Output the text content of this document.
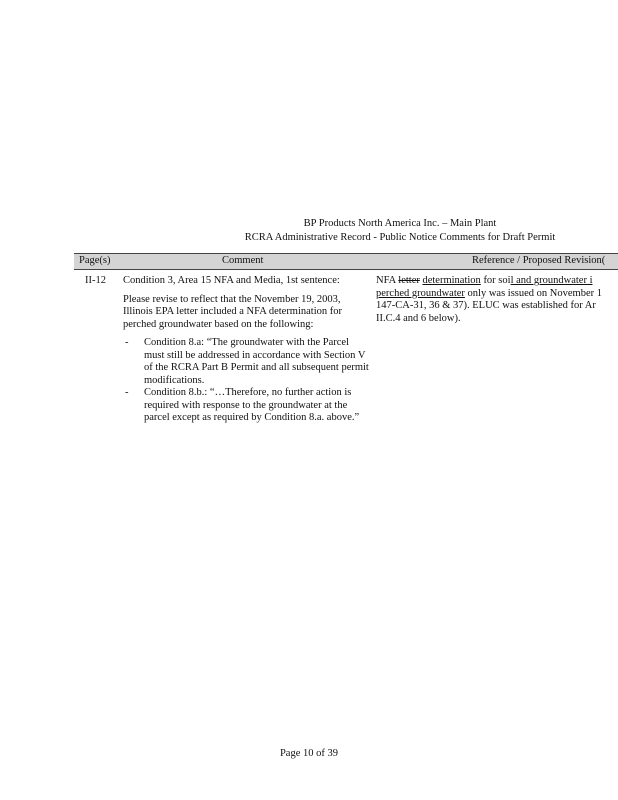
BP Products North America Inc. – Main Plant
RCRA Administrative Record - Public Notice Comments for Draft Permit
Page(s)	Comment	Reference / Proposed Revision(
II-12 Condition 3, Area 15 NFA and Media, 1st sentence:

Please revise to reflect that the November 19, 2003, Illinois EPA letter included a NFA determination for perched groundwater based on the following:

- Condition 8.a: “The groundwater with the Parcel must still be addressed in accordance with Section V of the RCRA Part B Permit and all subsequent permit modifications.
- Condition 8.b.: “…Therefore, no further action is required with response to the groundwater at the parcel except as required by Condition 8.a. above.”
NFA letter determination for soil and groundwater i
perched groundwater only was issued on November 1
147-CA-31, 36 & 37). ELUC was established for Ar
II.C.4 and 6 below).
Page 10 of 39
